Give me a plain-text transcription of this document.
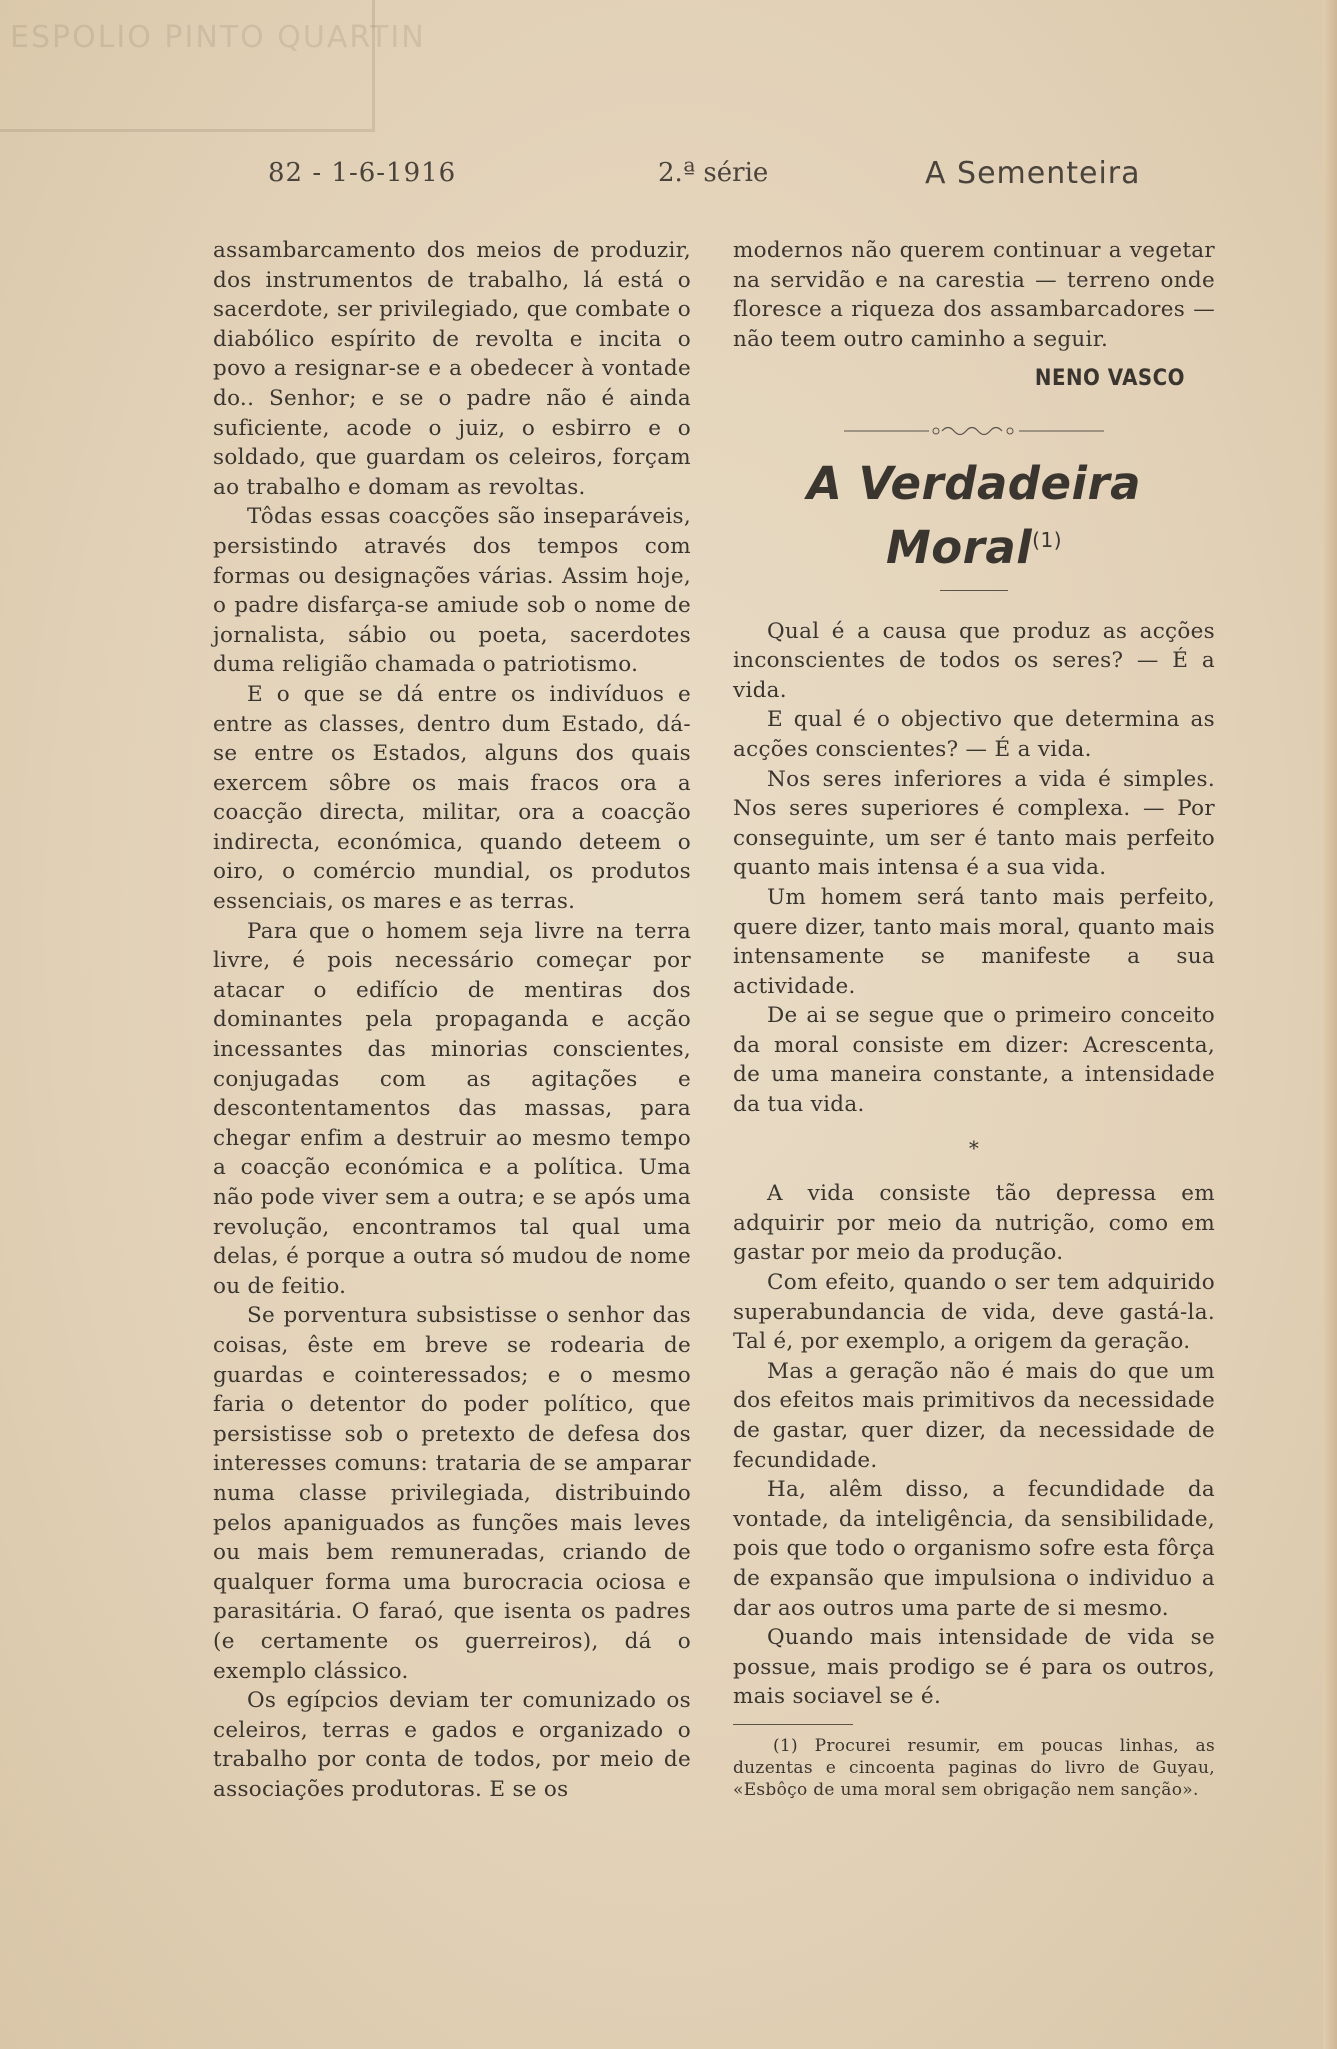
ESPOLIO PINTO QUARTIN
82 - 1-6-1916	2.ª série	A Sementeira

assambarcamento dos meios de produzir, dos instrumentos de trabalho, lá está o sacerdote, ser privilegiado, que combate o diabólico espírito de revolta e incita o povo a resignar-se e a obedecer à vontade do.. Senhor; e se o padre não é ainda suficiente, acode o juiz, o esbirro e o soldado, que guardam os celeiros, forçam ao trabalho e domam as revoltas.

Tôdas essas coacções são inseparáveis, persistindo através dos tempos com formas ou designações várias. Assim hoje, o padre disfarça-se amiude sob o nome de jornalista, sábio ou poeta, sacerdotes duma religião chamada o patriotismo.

E o que se dá entre os indivíduos e entre as classes, dentro dum Estado, dá-se entre os Estados, alguns dos quais exercem sôbre os mais fracos ora a coacção directa, militar, ora a coacção indirecta, económica, quando deteem o oiro, o comércio mundial, os produtos essenciais, os mares e as terras.

Para que o homem seja livre na terra livre, é pois necessário começar por atacar o edifício de mentiras dos dominantes pela propaganda e acção incessantes das minorias conscientes, conjugadas com as agitações e descontentamentos das massas, para chegar enfim a destruir ao mesmo tempo a coacção económica e a política. Uma não pode viver sem a outra; e se após uma revolução, encontramos tal qual uma delas, é porque a outra só mudou de nome ou de feitio.

Se porventura subsistisse o senhor das coisas, êste em breve se rodearia de guardas e cointeressados; e o mesmo faria o detentor do poder político, que persistisse sob o pretexto de defesa dos interesses comuns: trataria de se amparar numa classe privilegiada, distribuindo pelos apaniguados as funções mais leves ou mais bem remuneradas, criando de qualquer forma uma burocracia ociosa e parasitária. O faraó, que isenta os padres (e certamente os guerreiros), dá o exemplo clássico.

Os egípcios deviam ter comunizado os celeiros, terras e gados e organizado o trabalho por conta de todos, por meio de associações produtoras. E se os

modernos não querem continuar a vegetar na servidão e na carestia — terreno onde floresce a riqueza dos assambarcadores — não teem outro caminho a seguir.

NENO VASCO
A Verdadeira Moral$^{(1)}$

Qual é a causa que produz as acções inconscientes de todos os seres? — É a vida.

E qual é o objectivo que determina as acções conscientes? — É a vida.

Nos seres inferiores a vida é simples. Nos seres superiores é complexa. — Por conseguinte, um ser é tanto mais perfeito quanto mais intensa é a sua vida.

Um homem será tanto mais perfeito, quere dizer, tanto mais moral, quanto mais intensamente se manifeste a sua actividade.

De ai se segue que o primeiro conceito da moral consiste em dizer: Acrescenta, de uma maneira constante, a intensidade da tua vida.

*

A vida consiste tão depressa em adquirir por meio da nutrição, como em gastar por meio da produção.

Com efeito, quando o ser tem adquirido superabundancia de vida, deve gastá-la. Tal é, por exemplo, a origem da geração.

Mas a geração não é mais do que um dos efeitos mais primitivos da necessidade de gastar, quer dizer, da necessidade de fecundidade.

Ha, alêm disso, a fecundidade da vontade, da inteligência, da sensibilidade, pois que todo o organismo sofre esta fôrça de expansão que impulsiona o individuo a dar aos outros uma parte de si mesmo.

Quando mais intensidade de vida se possue, mais prodigo se é para os outros, mais sociavel se é.

(1) Procurei resumir, em poucas linhas, as duzentas e cincoenta paginas do livro de Guyau, «Esbôço de uma moral sem obrigação nem sanção».
